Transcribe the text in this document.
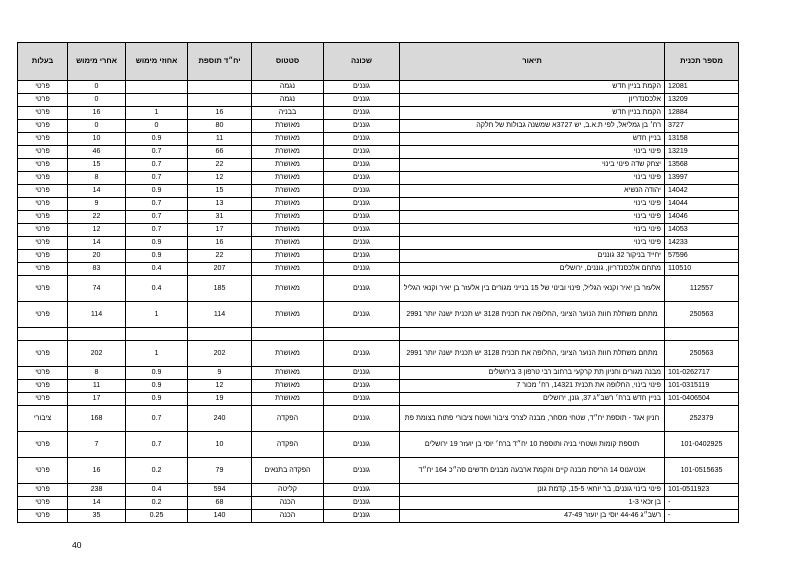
מספר תכנית	תיאור	שכונה	סטטוס	יח״ד תוספת	אחוזי מימוש	אחרי מימוש	בעלות
12081	הקמת בניין חדש	גוננים	נגמה			0	פרטי
13209	אלכסנדריון	גוננים	נגמה			0	פרטי
12884	הקמת בניין חדש	גוננים	בבניה	16	1	16	פרטי
3727	רח׳ בן גמליאל, לפי ת.א.ב, יש 3727א שמשנה גבולות של חלקה	גוננים	מאושרת	80	0	0	פרטי
13158	בניין חדש	גוננים	מאושרת	11	0.9	10	פרטי
13219	פינוי בינוי	גוננים	מאושרת	66	0.7	46	פרטי
13568	יצחק שדה פינוי בינוי	גוננים	מאושרת	22	0.7	15	פרטי
13997	פינוי בינוי	גוננים	מאושרת	12	0.7	8	פרטי
14042	יהודה הנשיא	גוננים	מאושרת	15	0.9	14	פרטי
14044	פינוי בינוי	גוננים	מאושרת	13	0.7	9	פרטי
14046	פינוי בינוי	גוננים	מאושרת	31	0.7	22	פרטי
14053	פינוי בינוי	גוננים	מאושרת	17	0.7	12	פרטי
14233	פינוי בינוי	גוננים	מאושרת	16	0.9	14	פרטי
57596	יחייד בניקור 32 גוננים	גוננים	מאושרת	22	0.9	20	פרטי
110510	מתחם אלכסנדריון, גוננים, ירושלים	גוננים	מאושרת	207	0.4	83	פרטי
112557	אלעזר בן יאיר וקנאי הגליל, פינוי ובינוי של 15 בנייני מגורים בין אלעזר בן יאיר וקנאי הגליל	גוננים	מאושרת	185	0.4	74	פרטי
250563	מתחם משתלת חוות הנוער הציוני ,החלופה את תכנית 3128 יש תכנית ישנה יותר 2991	גוננים	מאושרת	114	1	114	פרטי

250563	מתחם משתלת חוות הנוער הציוני ,החלופה את תכנית 3128 יש תכנית ישנה יותר 2991	גוננים	מאושרת	202	1	202	פרטי
101-0262717	מבנה מגורים וחניון תת קרקעי ברחוב רבי טרפון 3 בירושלים	גוננים	מאושרת	9	0.9	8	פרטי
101-0315119	פינוי בינוי, החלופה את תכנית 14321, רח׳ מכור 7	גוננים	מאושרת	12	0.9	11	פרטי
101-0406504	בניין חדש ברח׳ רשב״ג 37, גונן, ירושלים	גוננים	מאושרת	19	0.9	17	פרטי
252379	חניון אגד - תוספת יח״ד, שטחי מסחר, מבנה לצרכי ציבור ושטח ציבורי פתוח בצומת פת	גוננים	הפקדה	240	0.7	168	ציבורי
101-0402925	תוספת קומות ושטחי בניה ותוספת 10 יח״ד ברח׳ יוסי בן יועזר 19 ירושלים	גוננים	הפקדה	10	0.7	7	פרטי
101-0515635	אנטיגנוס 14 הריסת מבנה קיים והקמת ארבעה מבנים חדשים סה״כ 164 יח״ד	גוננים	הפקדה בתנאים	79	0.2	16	פרטי
101-0511923	פינוי בינוי גוננים, בר יוחאי 15-5, קדמת גונן	גוננים	קליטה	594	0.4	238	פרטי
-	בן זכאי 1-3	גוננים	הכנה	68	0.2	14	פרטי
-	רשב״ג 44-46 יוסי בן יועזר 47-49	גוננים	הכנה	140	0.25	35	פרטי
40
